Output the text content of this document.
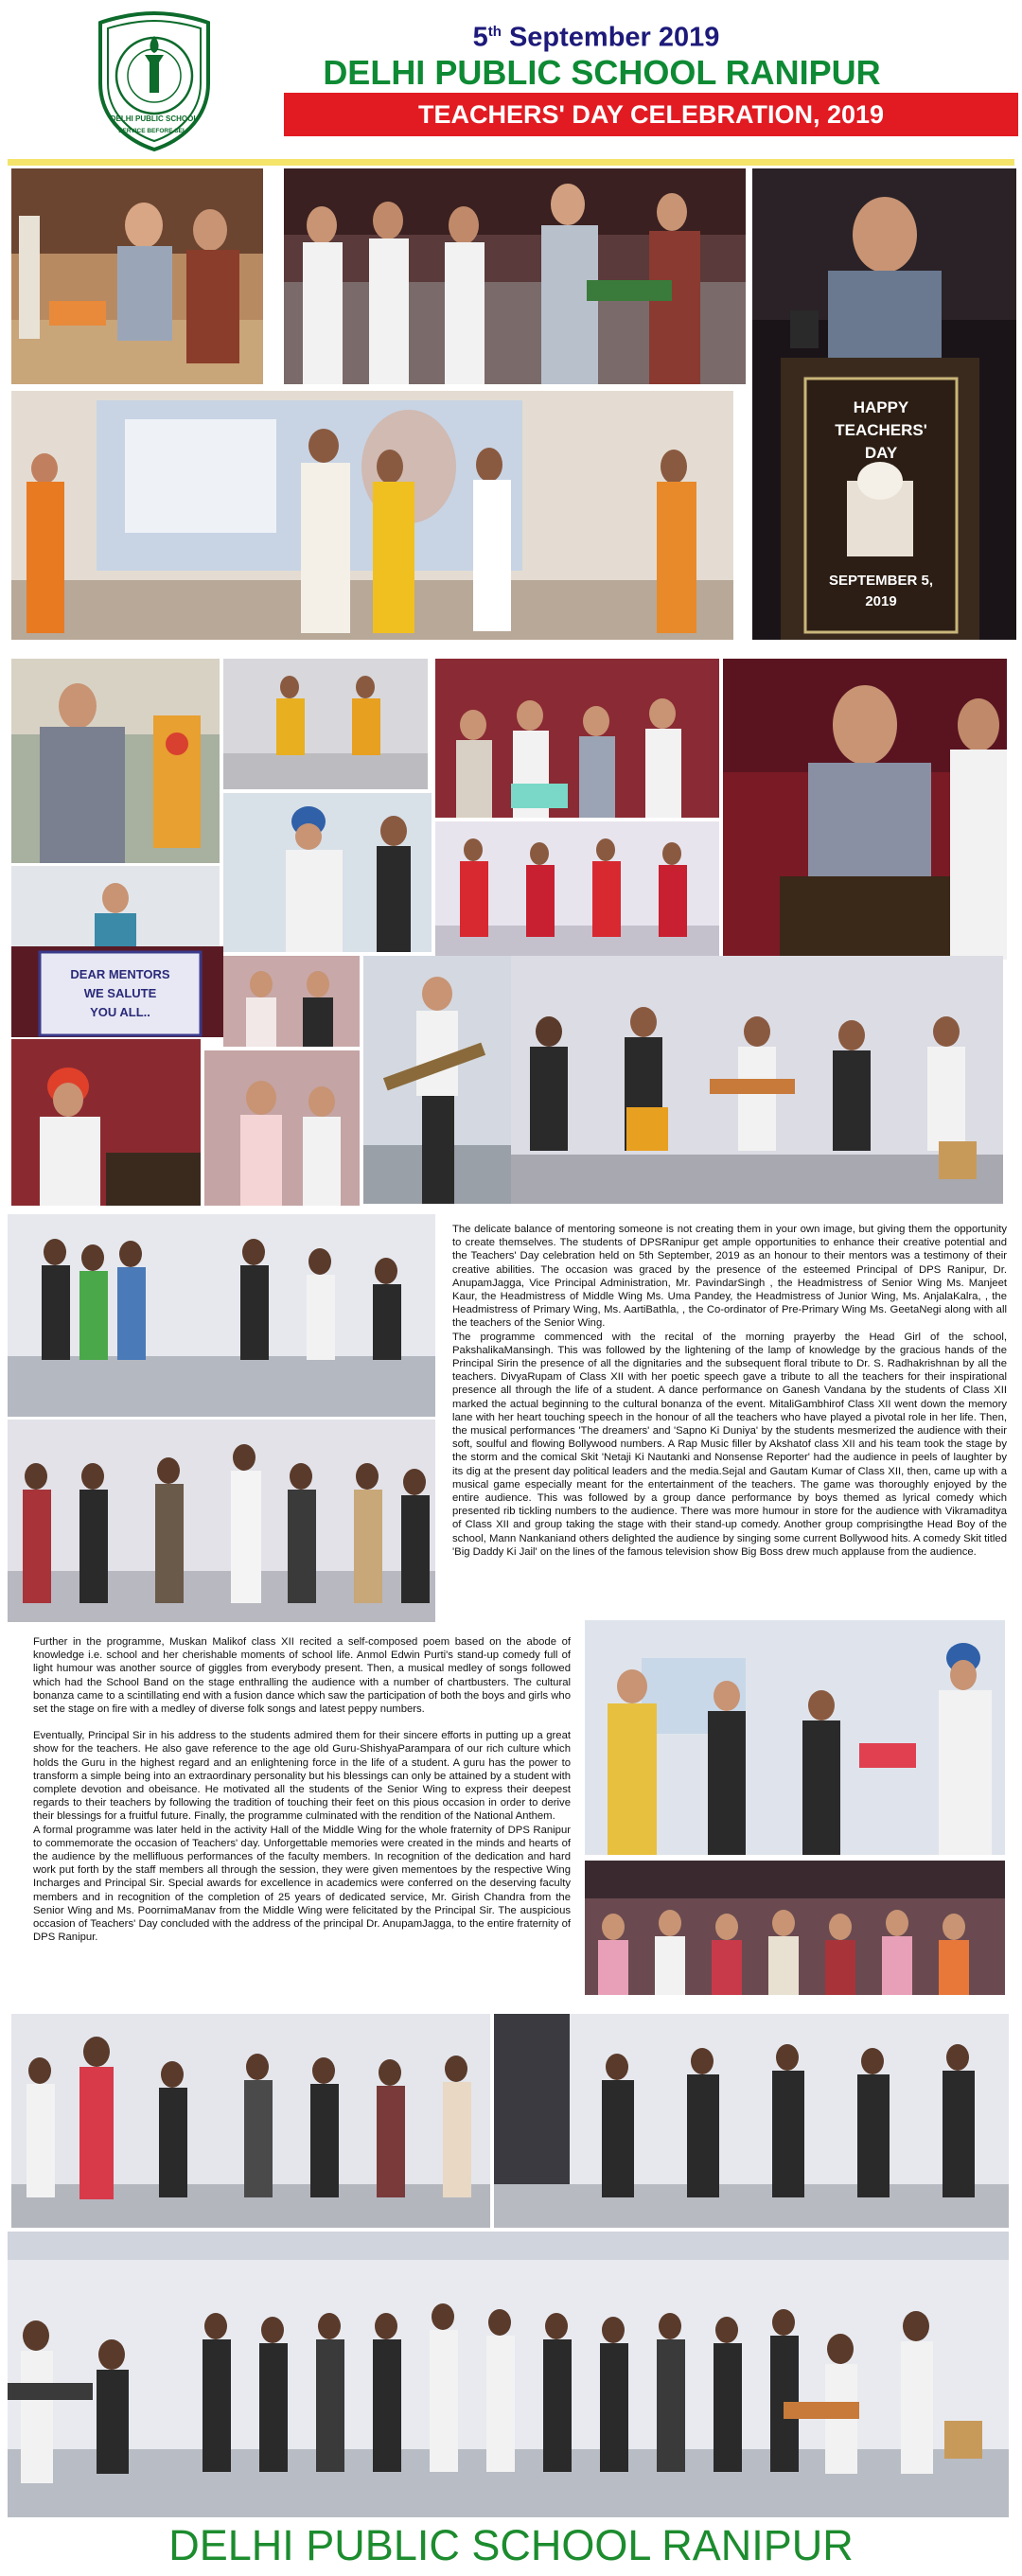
DELHI PUBLIC SCHOOL
SERVICE BEFORE SELF
5th September 2019
DELHI PUBLIC SCHOOL RANIPUR
TEACHERS' DAY CELEBRATION, 2019
HAPPY
TEACHERS'
DAY
SEPTEMBER 5,
2019
DEAR MENTORS
WE SALUTE
YOU ALL..

The delicate balance of mentoring someone is not creating them in your own image, but giving them the opportunity to create themselves. The students of DPSRanipur get ample opportunities to enhance their creative potential and the Teachers' Day celebration held on 5th September, 2019 as an honour to their mentors was a testimony of their creative abilities. The occasion was graced by the presence of the esteemed Principal of DPS Ranipur, Dr. AnupamJagga, Vice Principal Administration, Mr. PavindarSingh , the Headmistress of Senior Wing Ms. Manjeet Kaur, the Headmistress of Middle Wing Ms. Uma Pandey, the Headmistress of Junior Wing, Ms. AnjalaKalra, , the Headmistress of Primary Wing, Ms. AartiBathla, , the Co-ordinator of Pre-Primary Wing Ms. GeetaNegi along with all the teachers of the Senior Wing.

The programme commenced with the recital of the morning prayerby the Head Girl of the school, PakshalikaMansingh. This was followed by the lightening of the lamp of knowledge by the gracious hands of the Principal Sirin the presence of all the dignitaries and the subsequent floral tribute to Dr. S. Radhakrishnan by all the teachers. DivyaRupam of Class XII with her poetic speech gave a tribute to all the teachers for their inspirational presence all through the life of a student. A dance performance on Ganesh Vandana by the students of Class XII marked the actual beginning to the cultural bonanza of the event. MitaliGambhirof Class XII went down the memory lane with her heart touching speech in the honour of all the teachers who have played a pivotal role in her life. Then, the musical performances 'The dreamers' and 'Sapno Ki Duniya' by the students mesmerized the audience with their soft, soulful and flowing Bollywood numbers. A Rap Music filler by Akshatof class XII and his team took the stage by the storm and the comical Skit 'Netaji Ki Nautanki and Nonsense Reporter' had the audience in peels of laughter by its dig at the present day political leaders and the media.Sejal and Gautam Kumar of Class XII, then, came up with a musical game especially meant for the entertainment of the teachers. The game was thoroughly enjoyed by the entire audience. This was followed by a group dance performance by boys themed as lyrical comedy which presented rib tickling numbers to the audience. There was more humour in store for the audience with Vikramaditya of Class XII and group taking the stage with their stand-up comedy. Another group comprisingthe Head Boy of the school, Mann Nankaniand others delighted the audience by singing some current Bollywood hits. A comedy Skit titled 'Big Daddy Ki Jail' on the lines of the famous television show Big Boss drew much applause from the audience.

Further in the programme, Muskan Malikof class XII recited a self-composed poem based on the abode of knowledge i.e. school and her cherishable moments of school life. Anmol Edwin Purti's stand-up comedy full of light humour was another source of giggles from everybody present. Then, a musical medley of songs followed which had the School Band on the stage enthralling the audience with a number of chartbusters. The cultural bonanza came to a scintillating end with a fusion dance which saw the participation of both the boys and girls who set the stage on fire with a medley of diverse folk songs and latest peppy numbers.

Eventually, Principal Sir in his address to the students admired them for their sincere efforts in putting up a great show for the teachers. He also gave reference to the age old Guru-ShishyaParampara of our rich culture which holds the Guru in the highest regard and an enlightening force in the life of a student. A guru has the power to transform a simple being into an extraordinary personality but his blessings can only be attained by a student with complete devotion and obeisance. He motivated all the students of the Senior Wing to express their deepest regards to their teachers by following the tradition of touching their feet on this pious occasion in order to derive their blessings for a fruitful future. Finally, the programme culminated with the rendition of the National Anthem.

A formal programme was later held in the activity Hall of the Middle Wing for the whole fraternity of DPS Ranipur to commemorate the occasion of Teachers' day. Unforgettable memories were created in the minds and hearts of the audience by the mellifluous performances of the faculty members. In recognition of the dedication and hard work put forth by the staff members all through the session, they were given mementoes by the respective Wing Incharges and Principal Sir. Special awards for excellence in academics were conferred on the deserving faculty members and in recognition of the completion of 25 years of dedicated service, Mr. Girish Chandra from the Senior Wing and Ms. PoornimaManav from the Middle Wing were felicitated by the Principal Sir. The auspicious occasion of Teachers' Day concluded with the address of the principal Dr. AnupamJagga, to the entire fraternity of DPS Ranipur.

DELHI PUBLIC SCHOOL RANIPUR
